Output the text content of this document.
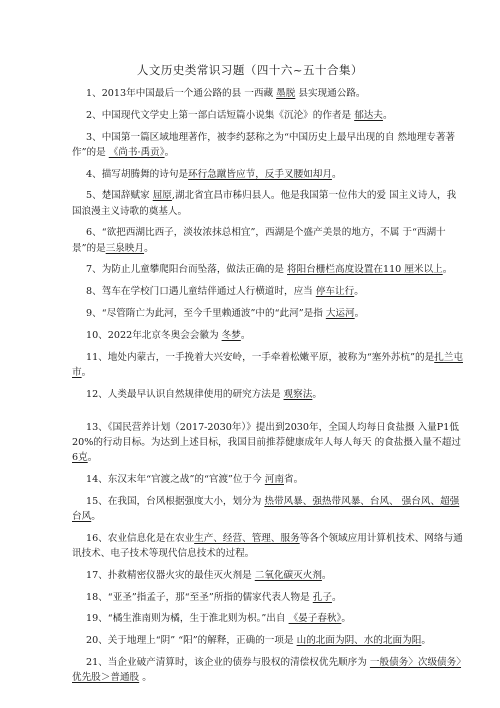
人文历史类常识习题（四十六~五十合集）
1、2013年中国最后一个通公路的县 一西藏 墨脱 县实现通公路。
2、中国现代文学史上第一部白话短篇小说集《沉沦》的作者是 郁达夫。
3、中国第一篇区域地理著作，被李约瑟称之为“中国历史上最早出现的自 然地理专著著作”的是 《尚书·禹贡》。
4、描写胡腾舞的诗句是环行急蹴皆应节，反手叉腰如却月。
5、楚国辞赋家 屈原,湖北省宜昌市秭归县人。他是我国第一位伟大的爱 国主义诗人，我国浪漫主义诗歌的奠基人。
6、“欲把西湖比西子，淡妆浓抹总相宜”，西湖是个盛产美景的地方，不属 于“西湖十景”的是三泉映月。
7、为防止儿童攀爬阳台而坠落，做法正确的是 将阳台栅栏高度设置在110 厘米以上。
8、驾车在学校门口遇儿童结伴通过人行横道时，应当 停车让行。
9、“尽管隋亡为此河，至今千里赖通波”中的“此河”是指 大运河。
10、2022年北京冬奥会会徽为 冬梦。
11、地处内蒙古，一手挽着大兴安岭，一手牵着松嫩平原，被称为“塞外苏杭”的是扎兰屯市。
12、人类最早认识自然规律使用的研究方法是 观察法。
13、《国民营养计划（2017-2030年）》提出到2030年，全国人均每日食盐摄 入量P1低20%的行动目标。为达到上述目标，我国目前推荐健康成年人每人每天 的食盐摄入量不超过6克。
14、东汉末年“官渡之战”的“官渡”位于今 河南省。
15、在我国，台风根据强度大小，划分为 热带风暴、强热带风暴、台风、 强台风、超强台风。
16、农业信息化是在农业生产、经营、管理、服务等各个领域应用计算机技术、网络与通讯技术、电子技术等现代信息技术的过程。
17、扑救精密仪器火灾的最佳灭火剂是 二氧化碳灭火剂。
18、“亚圣”指孟子，那“至圣”所指的儒家代表人物是 孔子。
19、“橘生淮南则为橘，生于淮北则为枳。”出自 《晏子春秋》。
20、关于地理上“阴” “阳”的解释，正确的一项是 山的北面为阴、水的北面为阳。
21、当企业破产清算时，该企业的债券与股权的清偿权优先顺序为 一般债务〉次级债务〉优先股＞普通股 。
